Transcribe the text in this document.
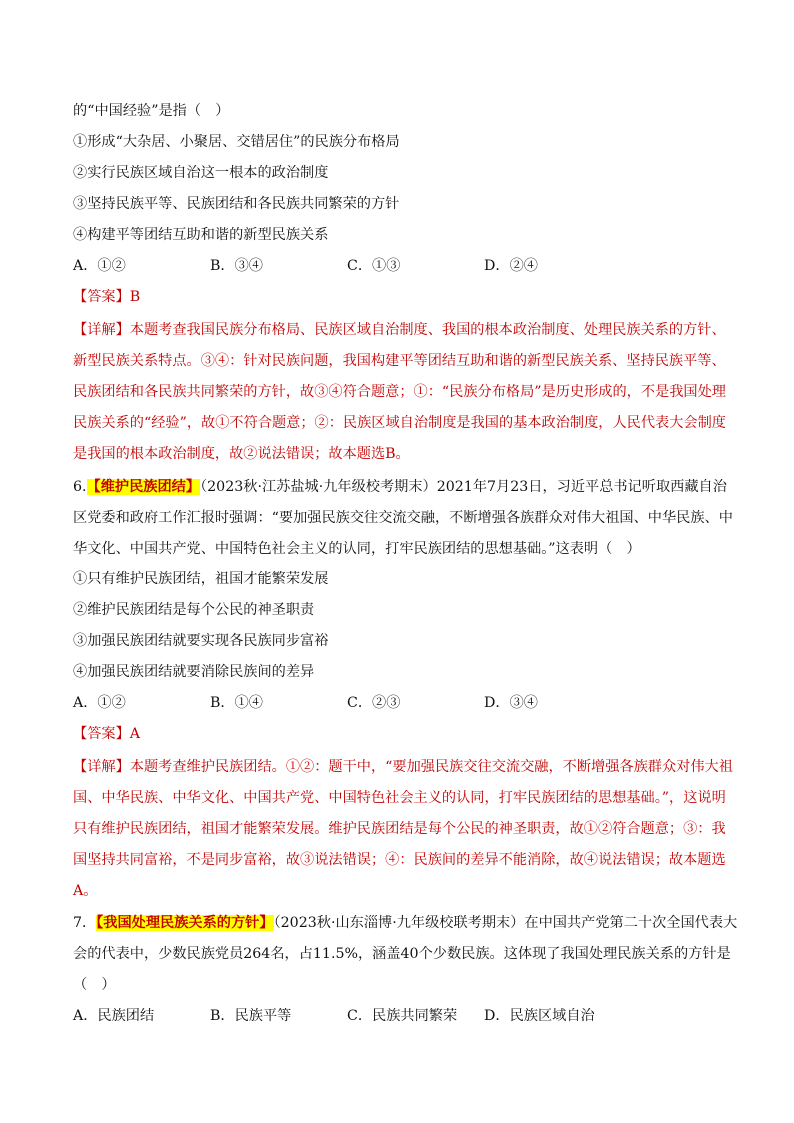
的“中国经验”是指（　）
①形成“大杂居、小聚居、交错居住”的民族分布格局
②实行民族区域自治这一根本的政治制度
③坚持民族平等、民族团结和各民族共同繁荣的方针
④构建平等团结互助和谐的新型民族关系
A．①②	B．③④	C．①③	D．②④
【答案】B
【详解】本题考查我国民族分布格局、民族区域自治制度、我国的根本政治制度、处理民族关系的方针、
新型民族关系特点。③④：针对民族问题，我国构建平等团结互助和谐的新型民族关系、坚持民族平等、
民族团结和各民族共同繁荣的方针，故③④符合题意；①：“民族分布格局”是历史形成的，不是我国处理
民族关系的“经验”，故①不符合题意；②：民族区域自治制度是我国的基本政治制度，人民代表大会制度
是我国的根本政治制度，故②说法错误；故本题选B。
6.【维护民族团结】（2023秋·江苏盐城·九年级校考期末）2021年7月23日，习近平总书记听取西藏自治
区党委和政府工作汇报时强调：“要加强民族交往交流交融，不断增强各族群众对伟大祖国、中华民族、中
华文化、中国共产党、中国特色社会主义的认同，打牢民族团结的思想基础。”这表明（　）
①只有维护民族团结，祖国才能繁荣发展
②维护民族团结是每个公民的神圣职责
③加强民族团结就要实现各民族同步富裕
④加强民族团结就要消除民族间的差异
A．①②	B．①④	C．②③	D．③④
【答案】A
【详解】本题考查维护民族团结。①②：题干中，“要加强民族交往交流交融，不断增强各族群众对伟大祖
国、中华民族、中华文化、中国共产党、中国特色社会主义的认同，打牢民族团结的思想基础。”，这说明
只有维护民族团结，祖国才能繁荣发展。维护民族团结是每个公民的神圣职责，故①②符合题意；③：我
国坚持共同富裕，不是同步富裕，故③说法错误；④：民族间的差异不能消除，故④说法错误；故本题选
A。
7．【我国处理民族关系的方针】（2023秋·山东淄博·九年级校联考期末）在中国共产党第二十次全国代表大
会的代表中，少数民族党员264名，占11.5%，涵盖40个少数民族。这体现了我国处理民族关系的方针是
（　）
A．民族团结	B．民族平等	C．民族共同繁荣 D．民族区域自治
